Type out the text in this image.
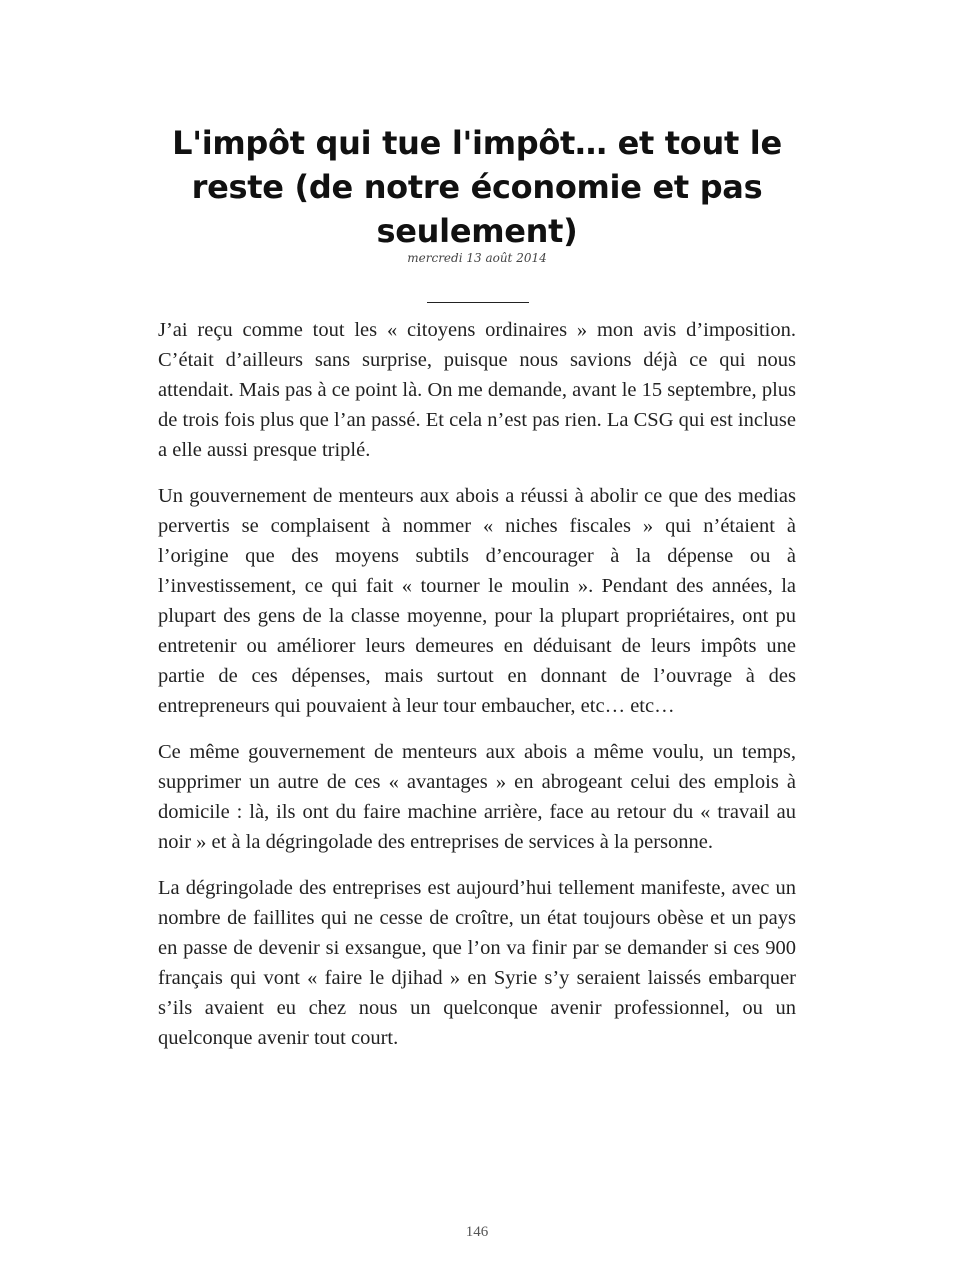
L'impôt qui tue l'impôt… et tout le reste (de notre économie et pas seulement)
mercredi 13 août 2014

J’ai reçu comme tout les « citoyens ordinaires » mon avis d’imposition. C’était d’ailleurs sans surprise, puisque nous savions déjà ce qui nous attendait. Mais pas à ce point là. On me demande, avant le 15 septembre, plus de trois fois plus que l’an passé. Et cela n’est pas rien. La CSG qui est incluse a elle aussi presque triplé.

Un gouvernement de menteurs aux abois a réussi à abolir ce que des medias pervertis se complaisent à nommer « niches fiscales » qui n’étaient à l’origine que des moyens subtils d’encourager à la dépense ou à l’investissement, ce qui fait « tourner le moulin ». Pendant des années, la plupart des gens de la classe moyenne, pour la plupart propriétaires, ont pu entretenir ou améliorer leurs demeures en déduisant de leurs impôts une partie de ces dépenses, mais surtout en donnant de l’ouvrage à des entrepreneurs qui pouvaient à leur tour embaucher, etc… etc…

Ce même gouvernement de menteurs aux abois a même voulu, un temps, supprimer un autre de ces « avantages » en abrogeant celui des emplois à domicile : là, ils ont du faire machine arrière, face au retour du « travail au noir » et à la dégringolade des entreprises de services à la personne.

La dégringolade des entreprises est aujourd’hui tellement manifeste, avec un nombre de faillites qui ne cesse de croître, un état toujours obèse et un pays en passe de devenir si exsangue, que l’on va finir par se demander si ces 900 français qui vont « faire le djihad » en Syrie s’y seraient laissés embarquer s’ils avaient eu chez nous un quelconque avenir professionnel, ou un quelconque avenir tout court.

146
